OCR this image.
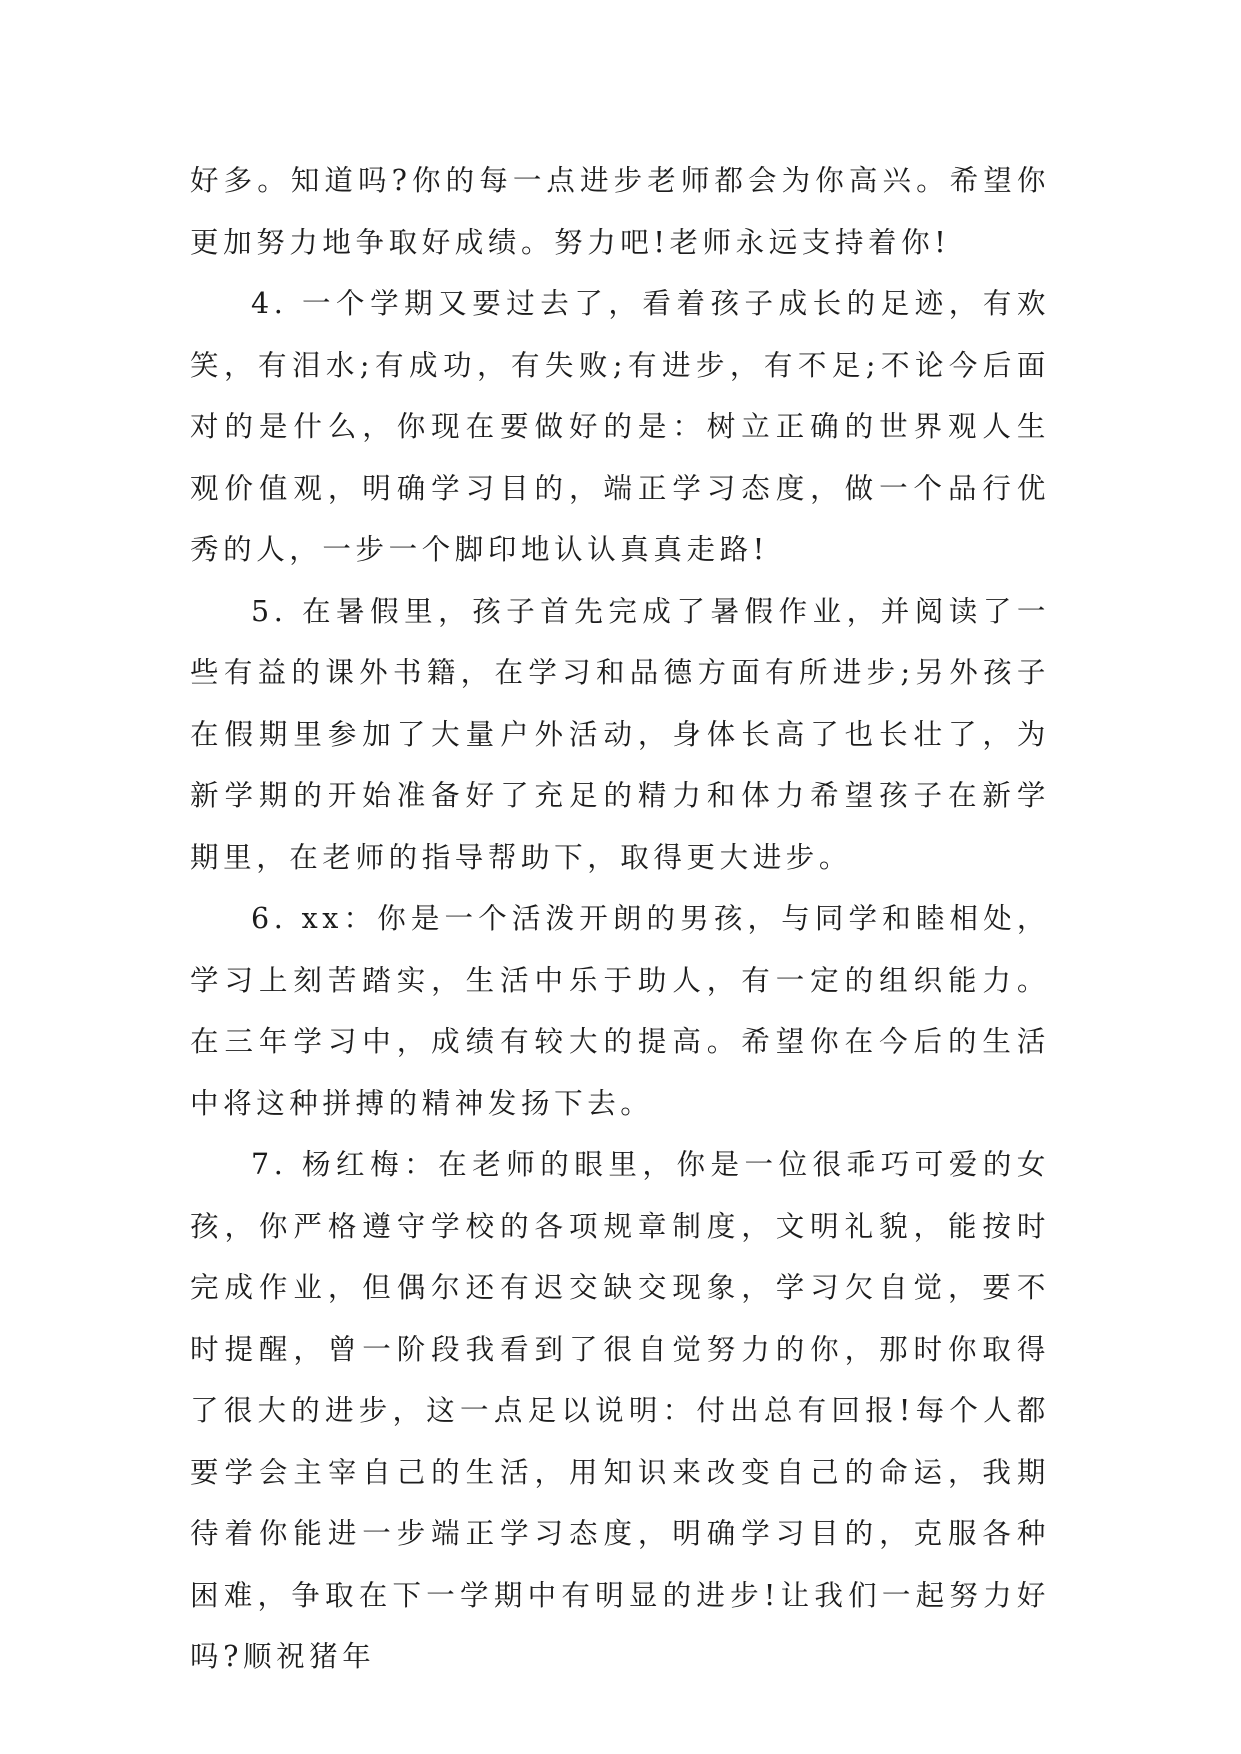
好多。知道吗?你的每一点进步老师都会为你高兴。希望你更加努力地争取好成绩。努力吧!老师永远支持着你!

4. 一个学期又要过去了，看着孩子成长的足迹，有欢笑，有泪水;有成功，有失败;有进步，有不足;不论今后面对的是什么，你现在要做好的是：树立正确的世界观人生观价值观，明确学习目的，端正学习态度，做一个品行优秀的人，一步一个脚印地认认真真走路!

5. 在暑假里，孩子首先完成了暑假作业，并阅读了一些有益的课外书籍，在学习和品德方面有所进步;另外孩子在假期里参加了大量户外活动，身体长高了也长壮了，为新学期的开始准备好了充足的精力和体力希望孩子在新学期里，在老师的指导帮助下，取得更大进步。

6. xx：你是一个活泼开朗的男孩，与同学和睦相处，学习上刻苦踏实，生活中乐于助人，有一定的组织能力。在三年学习中，成绩有较大的提高。希望你在今后的生活中将这种拼搏的精神发扬下去。

7. 杨红梅：在老师的眼里，你是一位很乖巧可爱的女孩，你严格遵守学校的各项规章制度，文明礼貌，能按时完成作业，但偶尔还有迟交缺交现象，学习欠自觉，要不时提醒，曾一阶段我看到了很自觉努力的你，那时你取得了很大的进步，这一点足以说明：付出总有回报!每个人都要学会主宰自己的生活，用知识来改变自己的命运，我期待着你能进一步端正学习态度，明确学习目的，克服各种困难，争取在下一学期中有明显的进步!让我们一起努力好吗?顺祝猪年
